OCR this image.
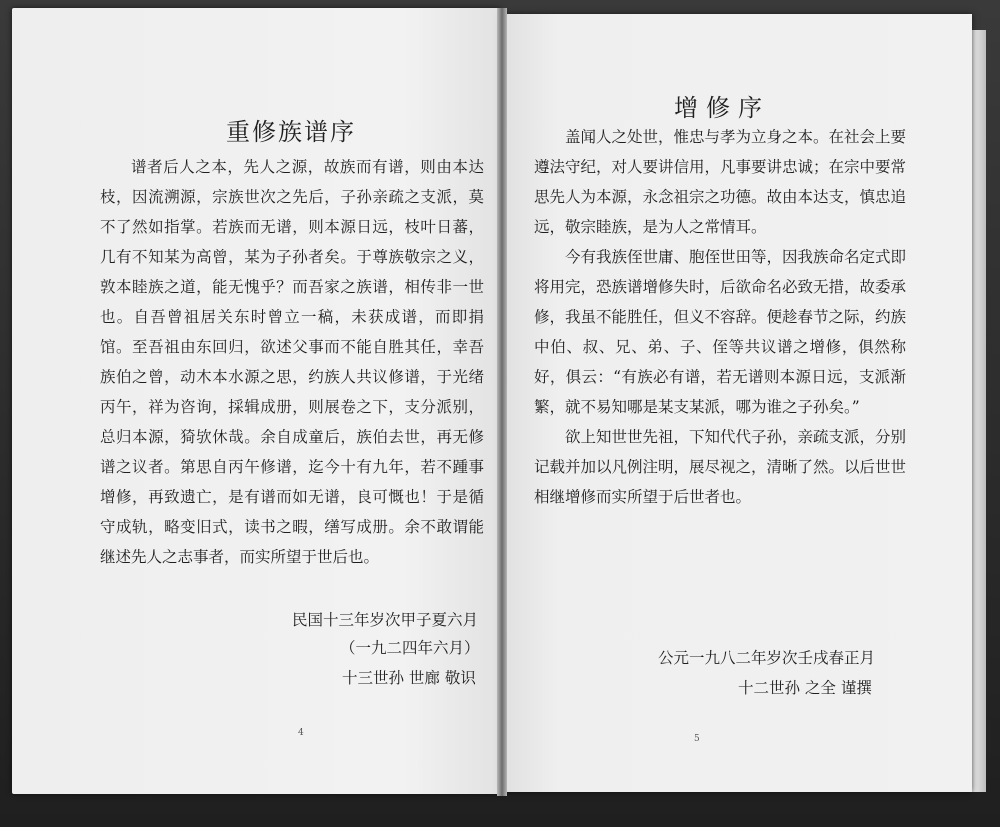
重修族谱序

谱者后人之本，先人之源，故族而有谱，则由本达枝，因流溯源，宗族世次之先后，子孙亲疏之支派，莫不了然如指掌。若族而无谱，则本源日远，枝叶日蕃，几有不知某为高曾，某为子孙者矣。于尊族敬宗之义，敦本睦族之道，能无愧乎？而吾家之族谱，相传非一世也。自吾曾祖居关东时曾立一稿，未获成谱，而即捐馆。至吾祖由东回归，欲述父事而不能自胜其任，幸吾族伯之曾，动木本水源之思，约族人共议修谱，于光绪丙午，祥为咨询，採辑成册，则展卷之下，支分派别，总归本源，猗欤休哉。余自成童后，族伯去世，再无修谱之议者。第思自丙午修谱，迄今十有九年，若不踵事增修，再致遗亡，是有谱而如无谱，良可慨也！于是循守成轨，略变旧式，读书之暇，缮写成册。余不敢谓能继述先人之志事者，而实所望于世后也。

民国十三年岁次甲子夏六月
（一九二四年六月）
十三世孙 世廊 敬识
4
增修序

盖闻人之处世，惟忠与孝为立身之本。在社会上要遵法守纪，对人要讲信用，凡事要讲忠诚；在宗中要常思先人为本源，永念祖宗之功德。故由本达支，慎忠追远，敬宗睦族，是为人之常情耳。

今有我族侄世庸、胞侄世田等，因我族命名定式即将用完，恐族谱增修失时，后欲命名必致无措，故委承修，我虽不能胜任，但义不容辞。便趁春节之际，约族中伯、叔、兄、弟、子、侄等共议谱之增修，俱然称好，俱云：“有族必有谱，若无谱则本源日远，支派渐繁，就不易知哪是某支某派，哪为谁之子孙矣。”

欲上知世世先祖，下知代代子孙，亲疏支派，分别记载并加以凡例注明，展尽视之，清晰了然。以后世世相继增修而实所望于后世者也。

公元一九八二年岁次壬戌春正月
十二世孙 之全 谨撰
5
